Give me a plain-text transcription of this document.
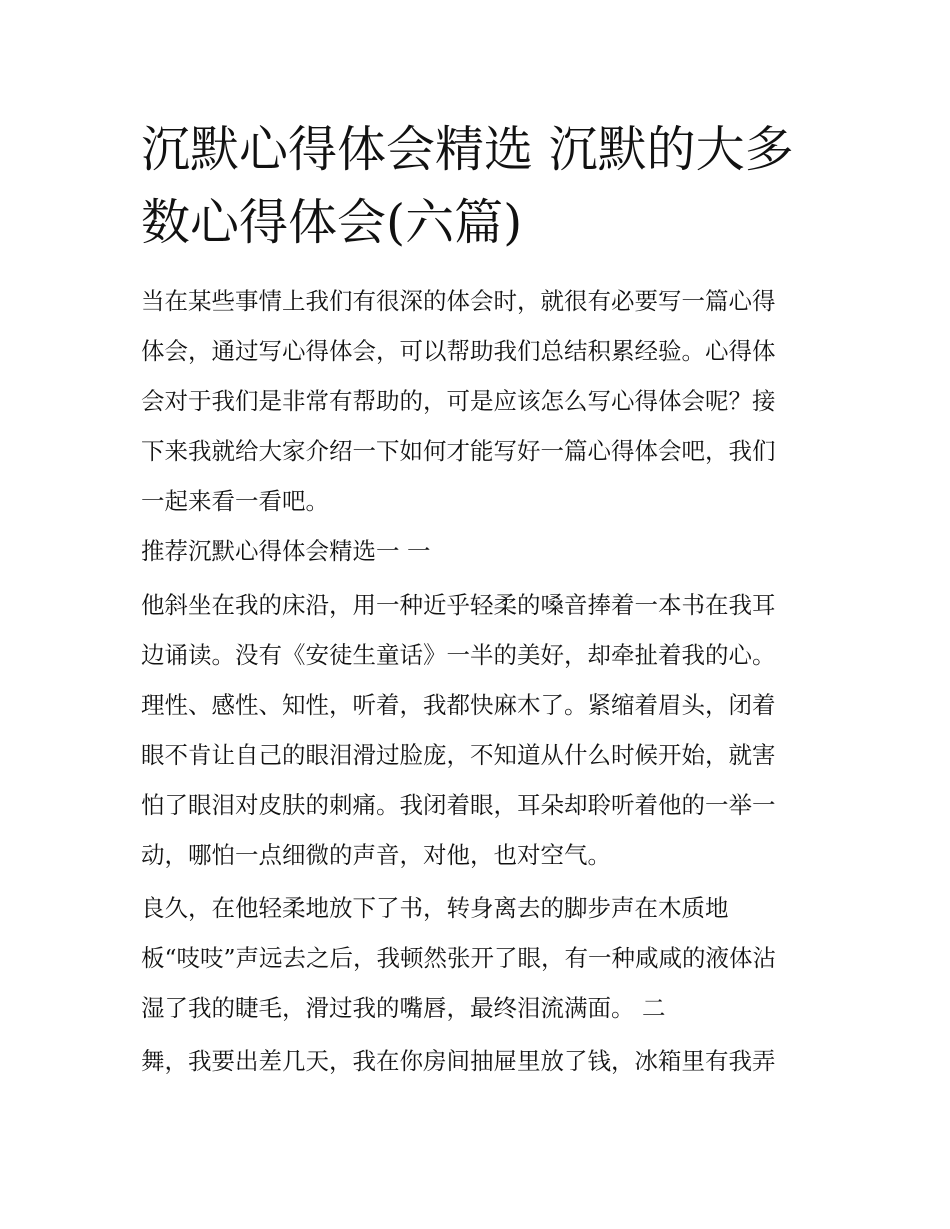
沉默心得体会精选 沉默的大多
数心得体会(六篇)

当在某些事情上我们有很深的体会时，就很有必要写一篇心得

体会，通过写心得体会，可以帮助我们总结积累经验。心得体

会对于我们是非常有帮助的，可是应该怎么写心得体会呢？接

下来我就给大家介绍一下如何才能写好一篇心得体会吧，我们

一起来看一看吧。

推荐沉默心得体会精选一 一

他斜坐在我的床沿，用一种近乎轻柔的嗓音捧着一本书在我耳

边诵读。没有《安徒生童话》一半的美好，却牵扯着我的心。

理性、感性、知性，听着，我都快麻木了。紧缩着眉头，闭着

眼不肯让自己的眼泪滑过脸庞，不知道从什么时候开始，就害

怕了眼泪对皮肤的刺痛。我闭着眼，耳朵却聆听着他的一举一

动，哪怕一点细微的声音，对他，也对空气。

良久，在他轻柔地放下了书，转身离去的脚步声在木质地

板“吱吱”声远去之后，我顿然张开了眼，有一种咸咸的液体沾

湿了我的睫毛，滑过我的嘴唇，最终泪流满面。 二

舞，我要出差几天，我在你房间抽屉里放了钱，冰箱里有我弄
